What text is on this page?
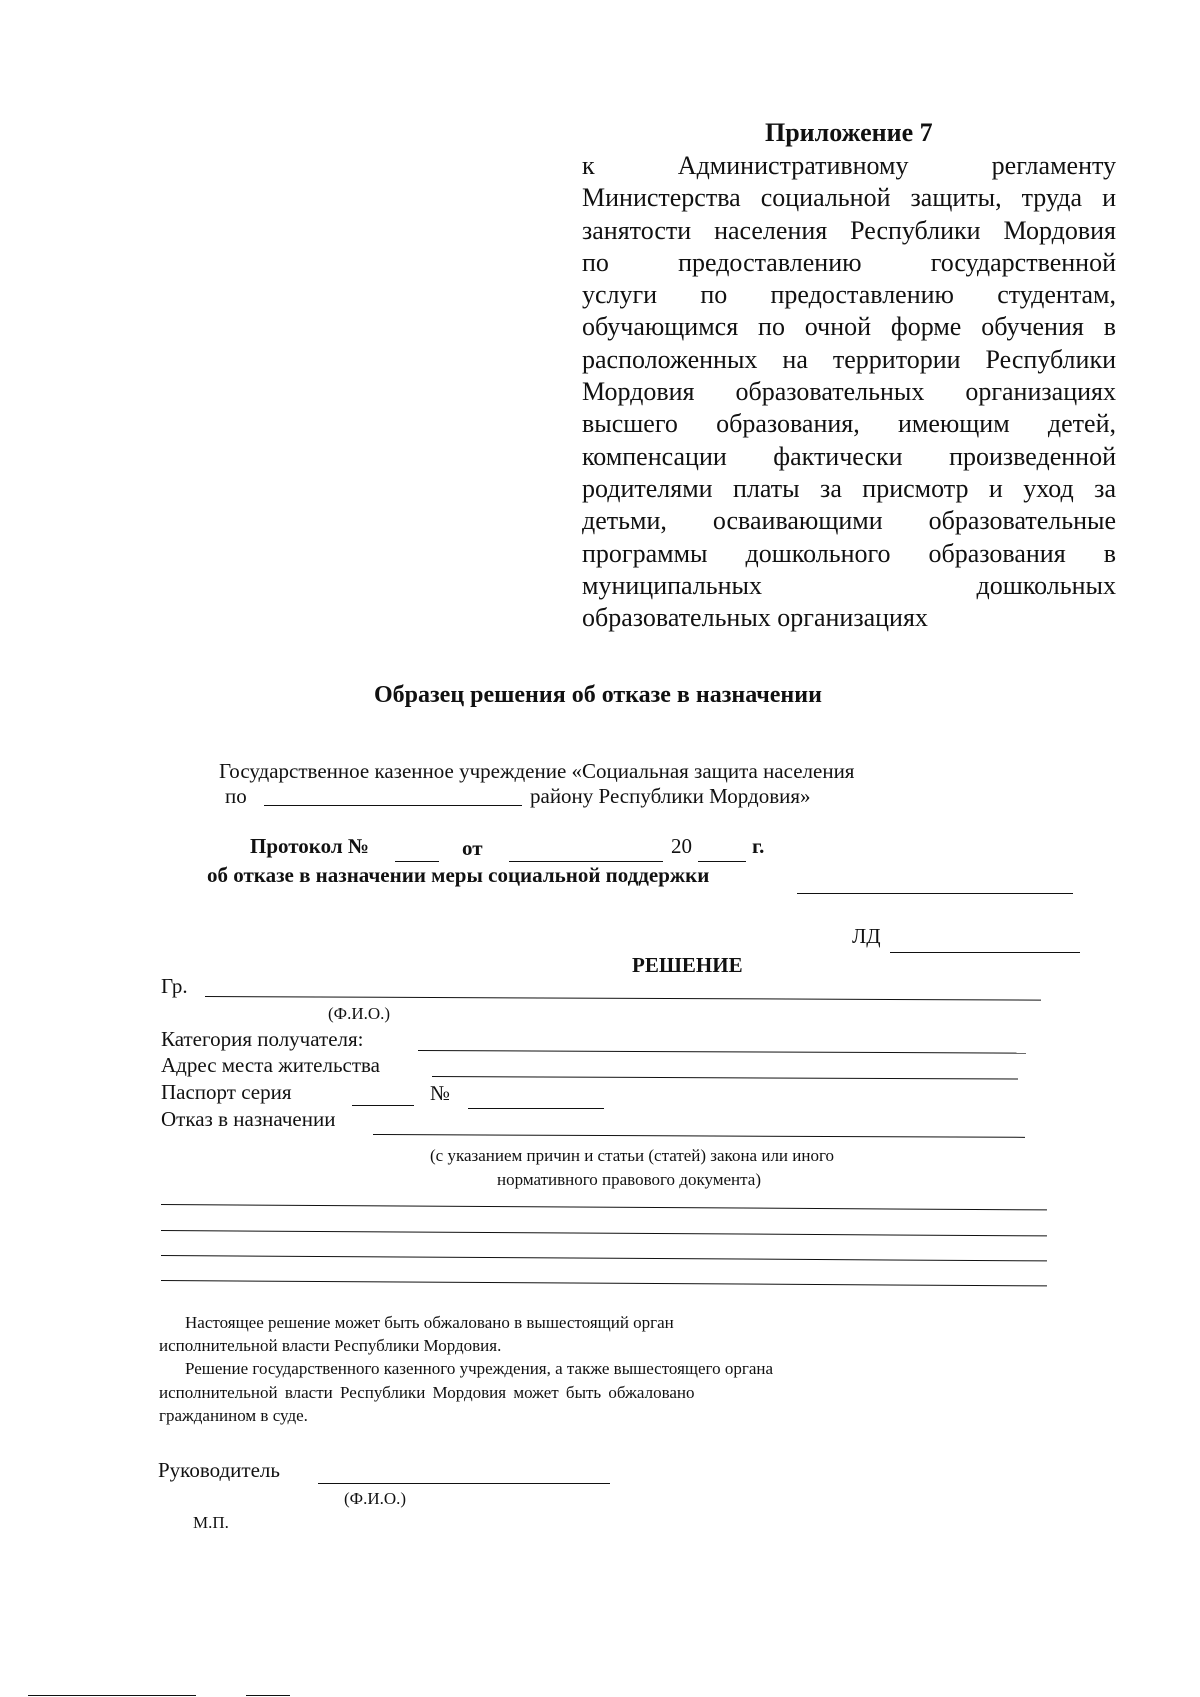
Приложение 7
к Административному регламенту
Министерства социальной защиты, труда и
занятости населения Республики Мордовия
по предоставлению государственной
услуги по предоставлению студентам,
обучающимся по очной форме обучения в
расположенных на территории Республики
Мордовия образовательных организациях
высшего образования, имеющим детей,
компенсации фактически произведенной
родителями платы за присмотр и уход за
детьми, осваивающими образовательные
программы дошкольного образования в
муниципальных дошкольных
образовательных организациях
Образец решения об отказе в назначении
Государственное казенное учреждение «Социальная защита населения
по	району Республики Мордовия»
Протокол №	от	20	г.
об отказе в назначении меры социальной поддержки
ЛД
РЕШЕНИЕ
Гр.
(Ф.И.О.)
Категория получателя:
Адрес места жительства
Паспорт серия	№
Отказ в назначении
(с указанием причин и статьи (статей) закона или иного
нормативного правового документа)
Настоящее решение может быть обжаловано в вышестоящий орган
исполнительной власти Республики Мордовия.
Решение государственного казенного учреждения, а также вышестоящего органа
исполнительной власти Республики Мордовия может быть обжаловано
гражданином в суде.
Руководитель
(Ф.И.О.)
М.П.
